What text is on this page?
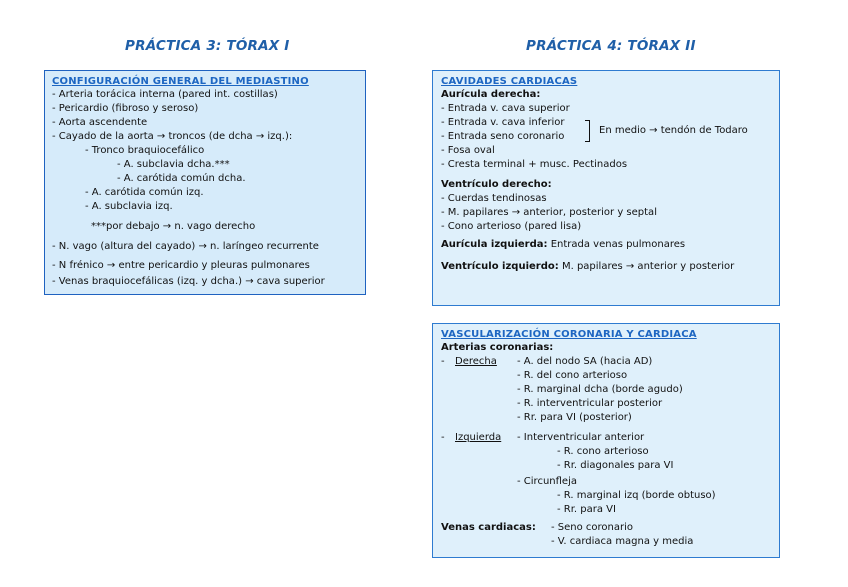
PRÁCTICA 3: TÓRAX I	PRÁCTICA 4: TÓRAX II
CONFIGURACIÓN GENERAL DEL MEDIASTINO
- Arteria torácica interna (pared int. costillas)
- Pericardio (fibroso y seroso)
- Aorta ascendente
- Cayado de la aorta → troncos (de dcha → izq.):
- Tronco braquiocefálico
- A. subclavia dcha.***
- A. carótida común dcha.
- A. carótida común izq.
- A. subclavia izq.
***por debajo → n. vago derecho
- N. vago (altura del cayado) → n. laríngeo recurrente
- N frénico → entre pericardio y pleuras pulmonares
- Venas braquiocefálicas (izq. y dcha.) → cava superior
CAVIDADES CARDIACAS
Aurícula derecha:
- Entrada v. cava superior
- Entrada v. cava inferior
- Entrada seno coronario
En medio → tendón de Todaro
- Fosa oval
- Cresta terminal + musc. Pectinados
Ventrículo derecho:
- Cuerdas tendinosas
- M. papilares → anterior, posterior y septal
- Cono arterioso (pared lisa)
Aurícula izquierda: Entrada venas pulmonares
Ventrículo izquierdo: M. papilares → anterior y posterior
VASCULARIZACIÓN CORONARIA Y CARDIACA
Arterias coronarias:
- Derecha - A. del nodo SA (hacia AD)
- R. del cono arterioso
- R. marginal dcha (borde agudo)
- R. interventricular posterior
- Rr. para VI (posterior)
- Izquierda - Interventricular anterior
- R. cono arterioso
- Rr. diagonales para VI
- Circunfleja
- R. marginal izq (borde obtuso)
- Rr. para VI
Venas cardiacas: - Seno coronario
- V. cardiaca magna y media
